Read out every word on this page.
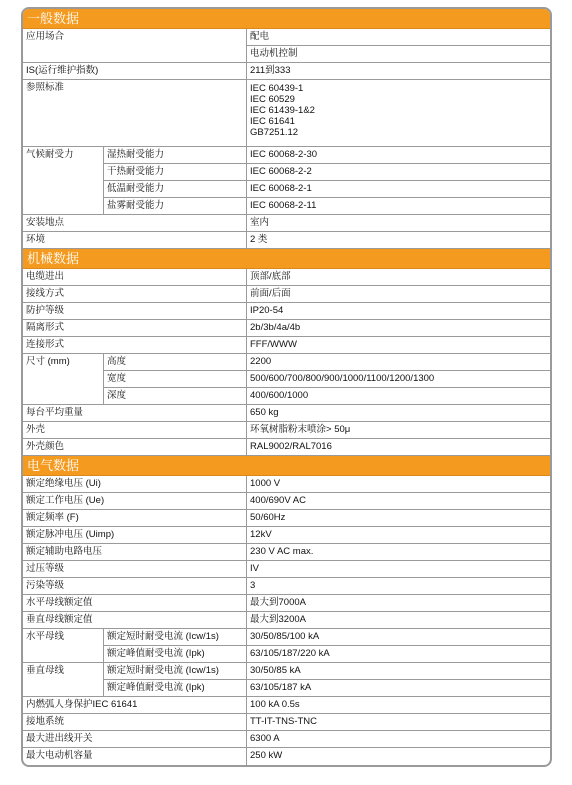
一般数据
应用场合	配电
电动机控制
IS(运行维护指数)	211到333
参照标准	IEC 60439-1
IEC 60529
IEC 61439-1&2
IEC 61641
GB7251.12
气候耐受力	湿热耐受能力	IEC 60068-2-30
干热耐受能力	IEC 60068-2-2
低温耐受能力	IEC 60068-2-1
盐雾耐受能力	IEC 60068-2-11
安装地点	室内
环境	2 类
机械数据
电缆进出	顶部/底部
接线方式	前面/后面
防护等级	IP20-54
隔离形式	2b/3b/4a/4b
连接形式	FFF/WWW
尺寸 (mm)	高度	2200
宽度	500/600/700/800/900/1000/1100/1200/1300
深度	400/600/1000
每台平均重量	650 kg
外壳	环氧树脂粉末喷涂> 50μ
外壳颜色	RAL9002/RAL7016
电气数据
额定绝缘电压 (Ui)	1000 V
额定工作电压 (Ue)	400/690V AC
额定频率 (F)	50/60Hz
额定脉冲电压 (Uimp)	12kV
额定辅助电路电压	230 V AC max.
过压等级	IV
污染等级	3
水平母线额定值	最大到7000A
垂直母线额定值	最大到3200A
水平母线	额定短时耐受电流 (Icw/1s)	30/50/85/100 kA
额定峰值耐受电流 (Ipk)	63/105/187/220 kA
垂直母线	额定短时耐受电流 (Icw/1s)	30/50/85 kA
额定峰值耐受电流 (Ipk)	63/105/187 kA
内燃弧人身保护IEC 61641	100 kA 0.5s
接地系统	TT-IT-TNS-TNC
最大进出线开关	6300 A
最大电动机容量	250 kW
